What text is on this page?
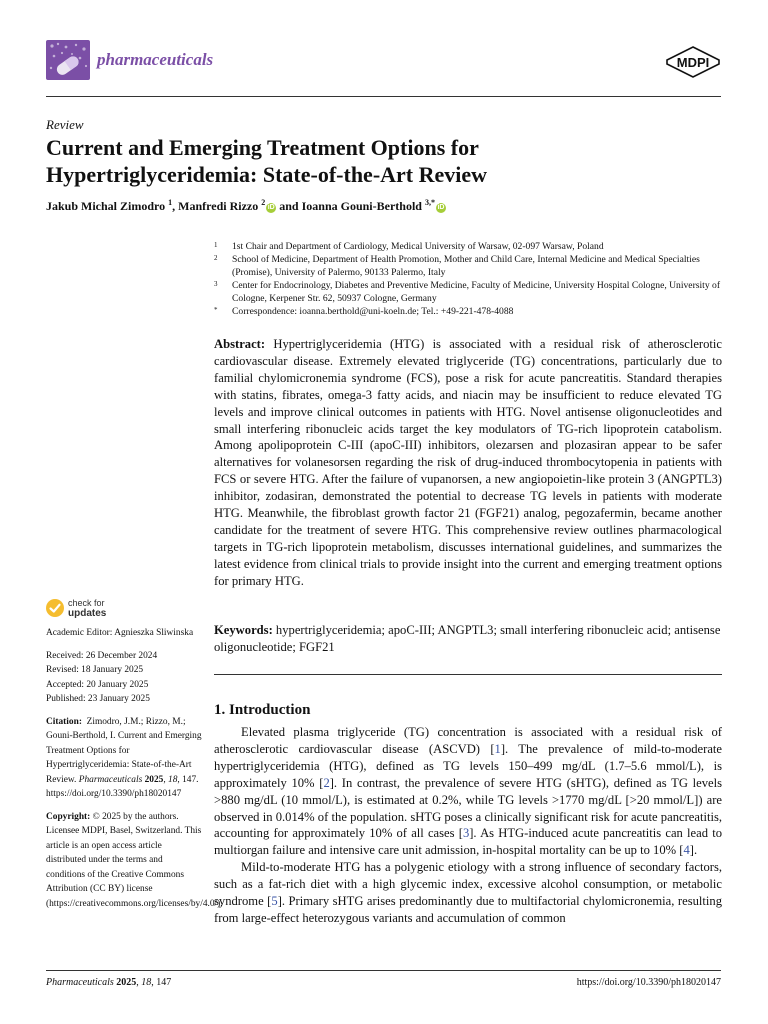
pharmaceuticals	MDPI
Review
Current and Emerging Treatment Options for Hypertriglyceridemia: State-of-the-Art Review
Jakub Michal Zimodro $^1$, Manfredi Rizzo $^2$iD and Ioanna Gouni-Berthold $^{3,*}$iD
1	1st Chair and Department of Cardiology, Medical University of Warsaw, 02-097 Warsaw, Poland
2	School of Medicine, Department of Health Promotion, Mother and Child Care, Internal Medicine and Medical Specialties (Promise), University of Palermo, 90133 Palermo, Italy
3	Center for Endocrinology, Diabetes and Preventive Medicine, Faculty of Medicine, University Hospital Cologne, University of Cologne, Kerpener Str. 62, 50937 Cologne, Germany
*	Correspondence: ioanna.berthold@uni-koeln.de; Tel.: +49-221-478-4088

Abstract: Hypertriglyceridemia (HTG) is associated with a residual risk of atherosclerotic cardiovascular disease. Extremely elevated triglyceride (TG) concentrations, particularly due to familial chylomicronemia syndrome (FCS), pose a risk for acute pancreatitis. Standard therapies with statins, fibrates, omega-3 fatty acids, and niacin may be insufficient to reduce elevated TG levels and improve clinical outcomes in patients with HTG. Novel antisense oligonucleotides and small interfering ribonucleic acids target the key modulators of TG-rich lipoprotein catabolism. Among apolipoprotein C-III (apoC-III) inhibitors, olezarsen and plozasiran appear to be safer alternatives for volanesorsen regarding the risk of drug-induced thrombocytopenia in patients with FCS or severe HTG. After the failure of vupanorsen, a new angiopoietin-like protein 3 (ANGPTL3) inhibitor, zodasiran, demonstrated the potential to decrease TG levels in patients with moderate HTG. Meanwhile, the fibroblast growth factor 21 (FGF21) analog, pegozafermin, became another candidate for the treatment of severe HTG. This comprehensive review outlines pharmacological targets in TG-rich lipoprotein metabolism, discusses international guidelines, and summarizes the latest evidence from clinical trials to provide insight into the current and emerging treatment options for primary HTG.

Keywords: hypertriglyceridemia; apoC-III; ANGPTL3; small interfering ribonucleic acid; antisense oligonucleotide; FGF21

check for
updates

Academic Editor: Agnieszka Sliwinska

Received: 26 December 2024

Revised: 18 January 2025

Accepted: 20 January 2025

Published: 23 January 2025

Citation: Zimodro, J.M.; Rizzo, M.; Gouni-Berthold, I. Current and Emerging Treatment Options for Hypertriglyceridemia: State-of-the-Art Review. Pharmaceuticals 2025, 18, 147. https://doi.org/10.3390/ph18020147

Copyright: © 2025 by the authors. Licensee MDPI, Basel, Switzerland. This article is an open access article distributed under the terms and conditions of the Creative Commons Attribution (CC BY) license (https://creativecommons.org/licenses/by/4.0/).

1. Introduction

Elevated plasma triglyceride (TG) concentration is associated with a residual risk of atherosclerotic cardiovascular disease (ASCVD) [1]. The prevalence of mild-to-moderate hypertriglyceridemia (HTG), defined as TG levels 150–499 mg/dL (1.7–5.6 mmol/L), is approximately 10% [2]. In contrast, the prevalence of severe HTG (sHTG), defined as TG levels >880 mg/dL (10 mmol/L), is estimated at 0.2%, while TG levels >1770 mg/dL [>20 mmol/L]) are observed in 0.014% of the population. sHTG poses a clinically significant risk for acute pancreatitis, accounting for approximately 10% of all cases [3]. As HTG-induced acute pancreatitis can lead to multiorgan failure and intensive care unit admission, in-hospital mortality can be up to 10% [4].

Mild-to-moderate HTG has a polygenic etiology with a strong influence of secondary factors, such as a fat-rich diet with a high glycemic index, excessive alcohol consumption, or metabolic syndrome [5]. Primary sHTG arises predominantly due to multifactorial chylomicronemia, resulting from large-effect heterozygous variants and accumulation of common

Pharmaceuticals 2025, 18, 147	https://doi.org/10.3390/ph18020147
